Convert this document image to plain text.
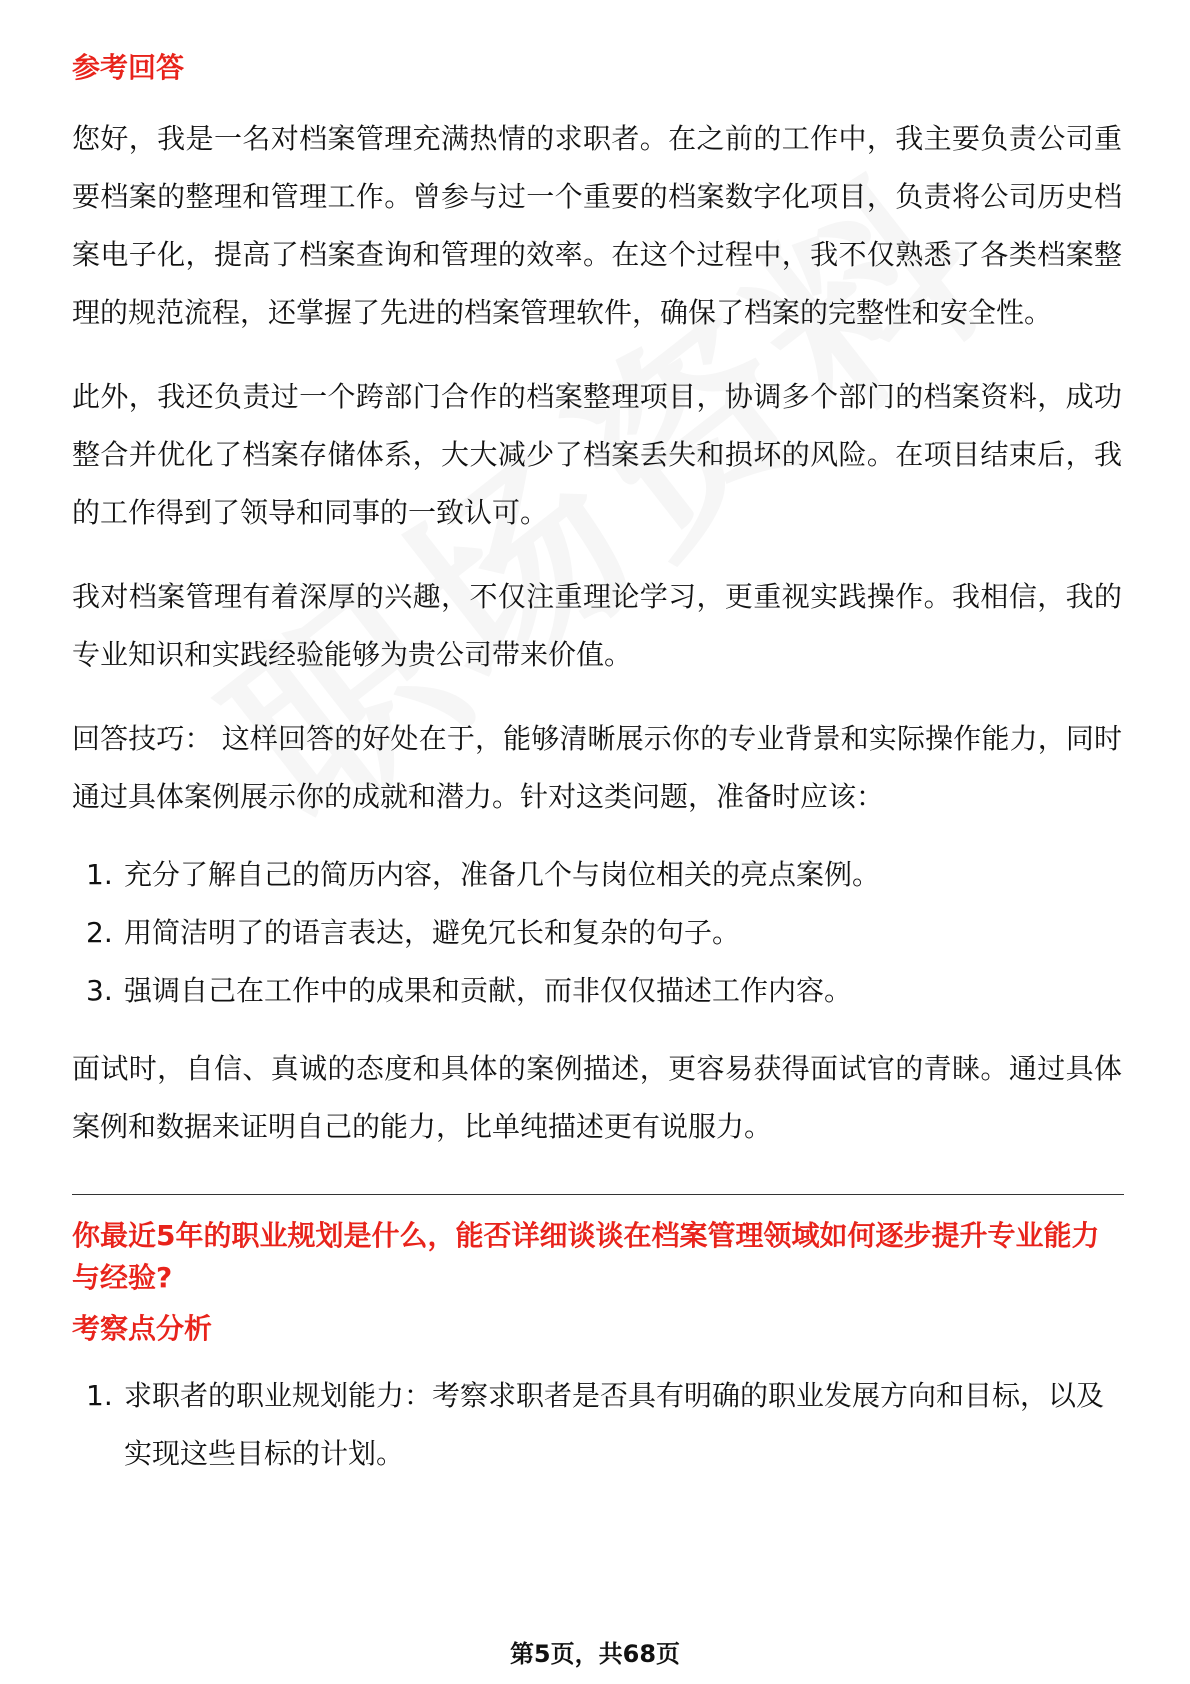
参考回答

您好，我是一名对档案管理充满热情的求职者。在之前的工作中，我主要负责公司重要档案的整理和管理工作。曾参与过一个重要的档案数字化项目，负责将公司历史档案电子化，提高了档案查询和管理的效率。在这个过程中，我不仅熟悉了各类档案整理的规范流程，还掌握了先进的档案管理软件，确保了档案的完整性和安全性。

此外，我还负责过一个跨部门合作的档案整理项目，协调多个部门的档案资料，成功整合并优化了档案存储体系，大大减少了档案丢失和损坏的风险。在项目结束后，我的工作得到了领导和同事的一致认可。

我对档案管理有着深厚的兴趣，不仅注重理论学习，更重视实践操作。我相信，我的专业知识和实践经验能够为贵公司带来价值。

回答技巧： 这样回答的好处在于，能够清晰展示你的专业背景和实际操作能力，同时通过具体案例展示你的成就和潜力。针对这类问题，准备时应该：

1. 充分了解自己的简历内容，准备几个与岗位相关的亮点案例。
2. 用简洁明了的语言表达，避免冗长和复杂的句子。
3. 强调自己在工作中的成果和贡献，而非仅仅描述工作内容。

面试时，自信、真诚的态度和具体的案例描述，更容易获得面试官的青睐。通过具体案例和数据来证明自己的能力，比单纯描述更有说服力。

你最近5年的职业规划是什么，能否详细谈谈在档案管理领域如何逐步提升专业能力与经验?
考察点分析
1. 求职者的职业规划能力：考察求职者是否具有明确的职业发展方向和目标，以及实现这些目标的计划。
第5页，共68页
